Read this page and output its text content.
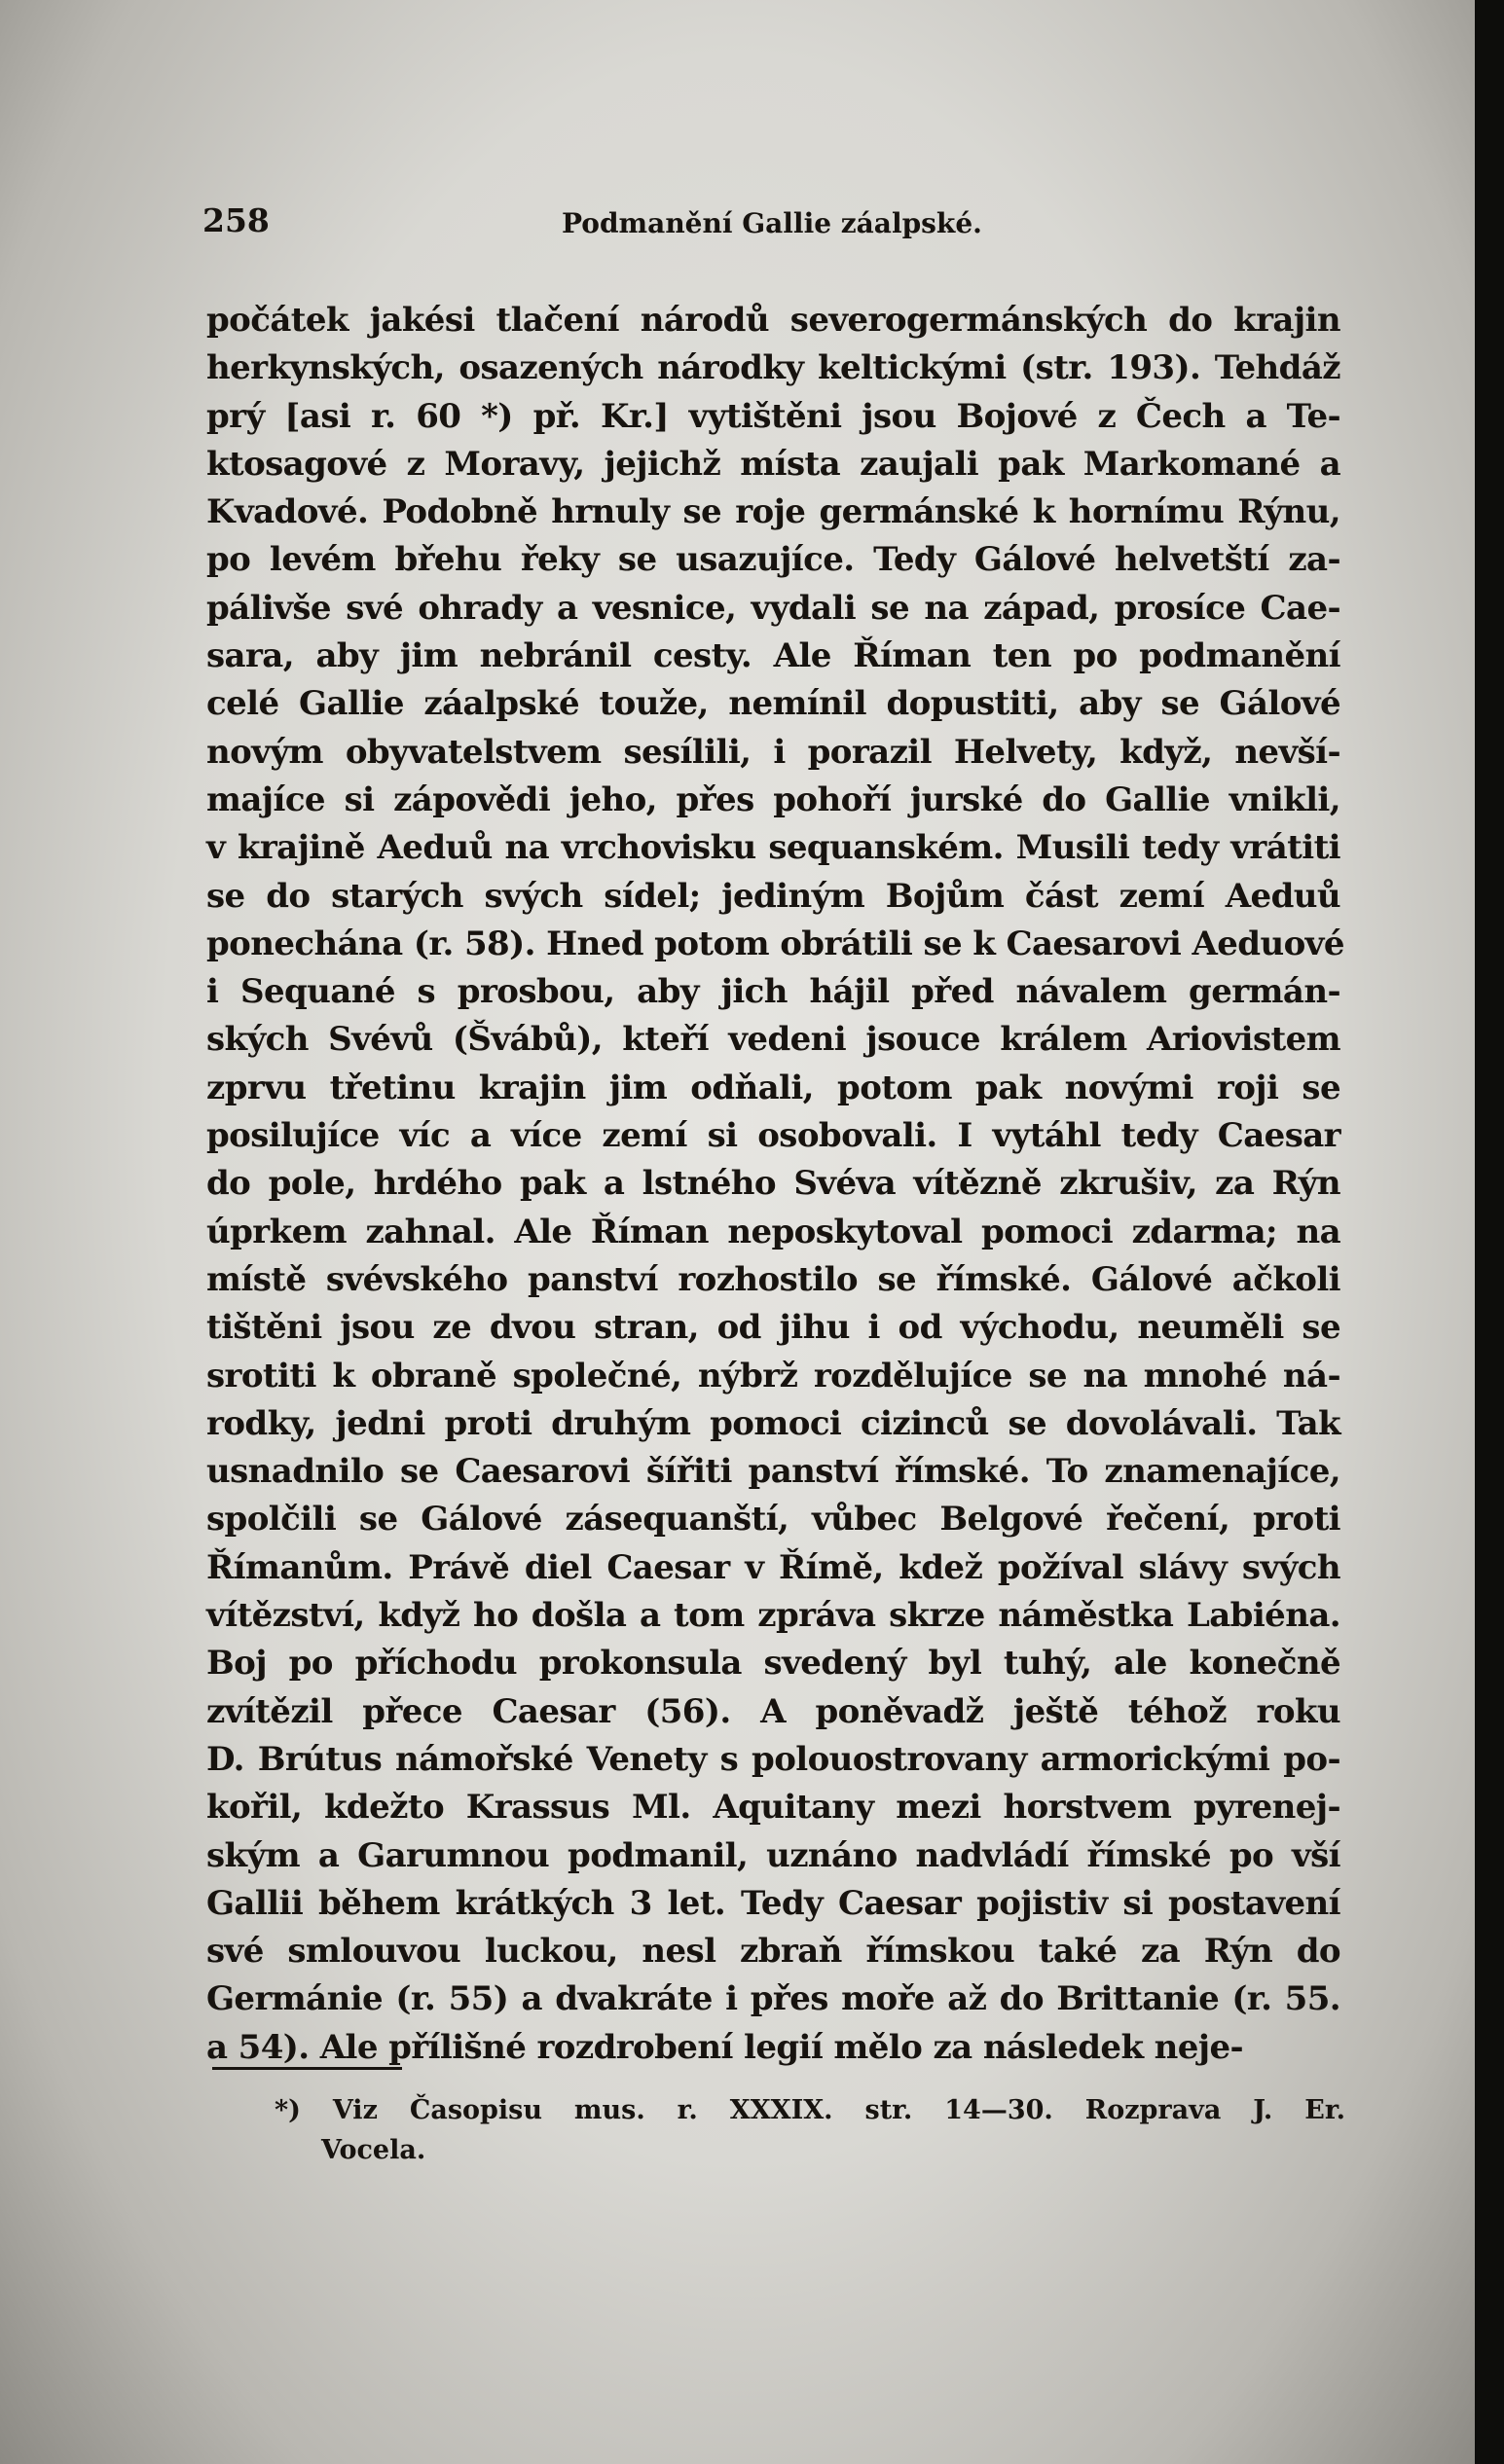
258	Podmanění Gallie záalpské.
počátek jakési tlačení národů severogermánských do krajin
herkynských, osazených národky keltickými (str. 193). Tehdáž
prý [asi r. 60 *) př. Kr.] vytištěni jsou Bojové z Čech a Te-
ktosagové z Moravy, jejichž místa zaujali pak Markomané a
Kvadové. Podobně hrnuly se roje germánské k hornímu Rýnu,
po levém břehu řeky se usazujíce. Tedy Gálové helvetští za-
pálivše své ohrady a vesnice, vydali se na západ, prosíce Cae-
sara, aby jim nebránil cesty. Ale Říman ten po podmanění
celé Gallie záalpské touže, nemínil dopustiti, aby se Gálové
novým obyvatelstvem sesílili, i porazil Helvety, když, nevší-
majíce si zápovědi jeho, přes pohoří jurské do Gallie vnikli,
v krajině Aeduů na vrchovisku sequanském. Musili tedy vrátiti
se do starých svých sídel; jediným Bojům část zemí Aeduů
ponechána (r. 58). Hned potom obrátili se k Caesarovi Aeduové
i Sequané s prosbou, aby jich hájil před návalem germán-
ských Svévů (Švábů), kteří vedeni jsouce králem Ariovistem
zprvu třetinu krajin jim odňali, potom pak novými roji se
posilujíce víc a více zemí si osobovali. I vytáhl tedy Caesar
do pole, hrdého pak a lstného Svéva vítězně zkrušiv, za Rýn
úprkem zahnal. Ale Říman neposkytoval pomoci zdarma; na
místě svévského panství rozhostilo se římské. Gálové ačkoli
tištěni jsou ze dvou stran, od jihu i od východu, neuměli se
srotiti k obraně společné, nýbrž rozdělujíce se na mnohé ná-
rodky, jedni proti druhým pomoci cizinců se dovolávali. Tak
usnadnilo se Caesarovi šířiti panství římské. To znamenajíce,
spolčili se Gálové zásequanští, vůbec Belgové řečení, proti
Římanům. Právě diel Caesar v Římě, kdež požíval slávy svých
vítězství, když ho došla a tom zpráva skrze náměstka Labiéna.
Boj po příchodu prokonsula svedený byl tuhý, ale konečně
zvítězil přece Caesar (56). A poněvadž ještě téhož roku
D. Brútus námořské Venety s polouostrovany armorickými po-
kořil, kdežto Krassus Ml. Aquitany mezi horstvem pyrenej-
ským a Garumnou podmanil, uznáno nadvládí římské po vší
Gallii během krátkých 3 let. Tedy Caesar pojistiv si postavení
své smlouvou luckou, nesl zbraň římskou také za Rýn do
Germánie (r. 55) a dvakráte i přes moře až do Brittanie (r. 55.
a 54). Ale přílišné rozdrobení legií mělo za následek neje-
*) Viz Časopisu mus. r. XXXIX. str. 14—30. Rozprava J. Er.
Vocela.
